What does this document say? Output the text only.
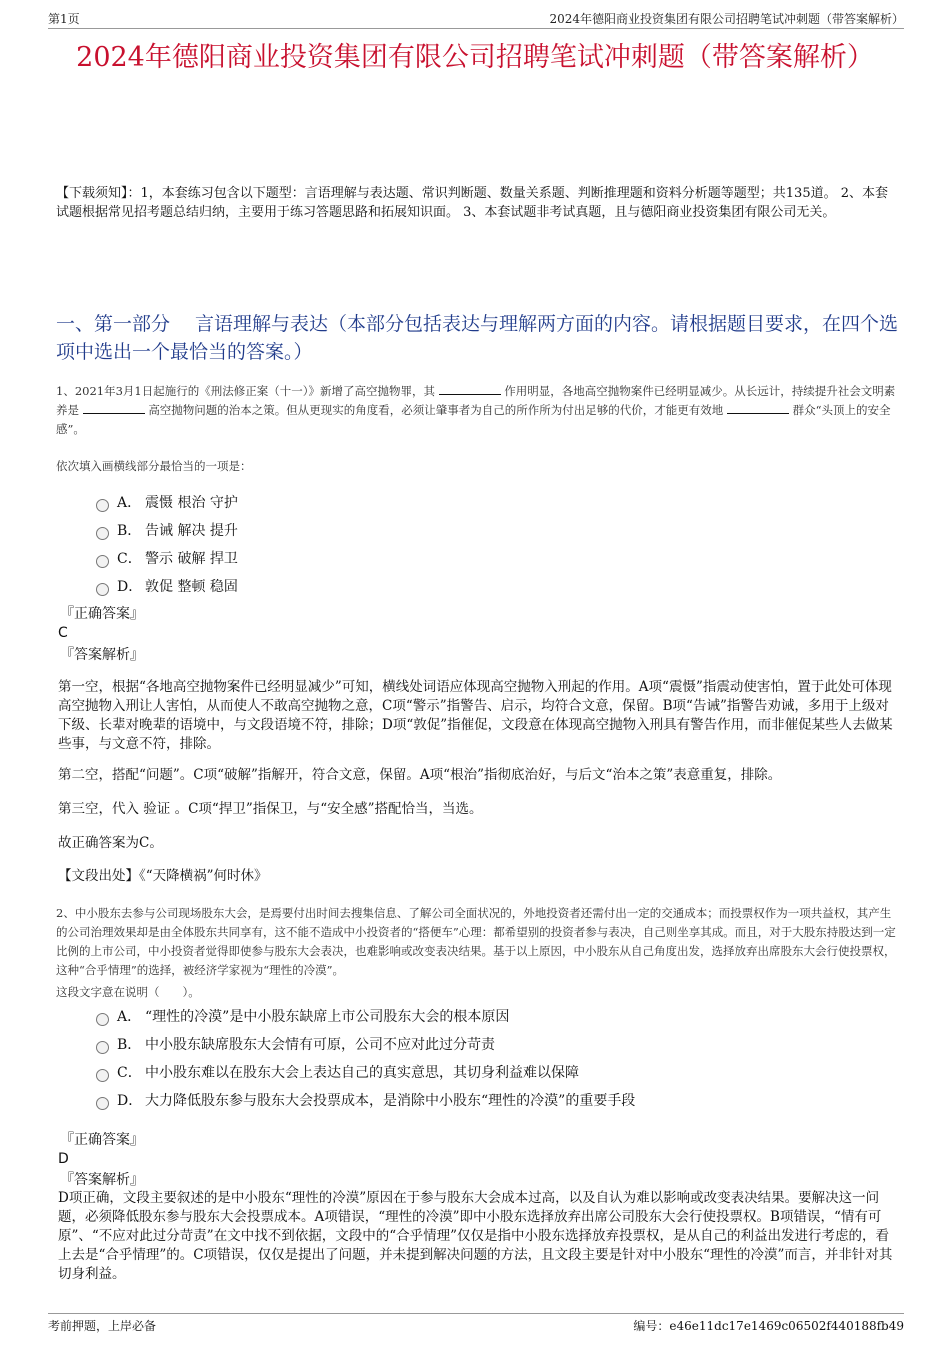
第1页	2024年德阳商业投资集团有限公司招聘笔试冲刺题（带答案解析）
2024年德阳商业投资集团有限公司招聘笔试冲刺题（带答案解析）
【下载须知】：1，本套练习包含以下题型：言语理解与表达题、常识判断题、数量关系题、判断推理题和资料分析题等题型；共135道。 2、本套试题根据常见招考题总结归纳，主要用于练习答题思路和拓展知识面。 3、本套试题非考试真题，且与德阳商业投资集团有限公司无关。
一、第一部分　 言语理解与表达（本部分包括表达与理解两方面的内容。请根据题目要求，在四个选项中选出一个最恰当的答案。）
1、2021年3月1日起施行的《刑法修正案（十一）》新增了高空抛物罪，其	作用明显，各地高空抛物案件已经明显减少。从长远计，持续提升社会文明素养是	高空抛物问题的治本之策。但从更现实的角度看，必须让肇事者为自己的所作所为付出足够的代价，才能更有效地	群众“头顶上的安全感”。
依次填入画横线部分最恰当的一项是：
A． 震慑 根治 守护
B． 告诫 解决 提升
C． 警示 破解 捍卫
D． 敦促 整顿 稳固
『正确答案』
C
『答案解析』
第一空，根据“各地高空抛物案件已经明显减少”可知，横线处词语应体现高空抛物入刑起的作用。A项“震慑”指震动使害怕，置于此处可体现高空抛物入刑让人害怕，从而使人不敢高空抛物之意，C项“警示”指警告、启示，均符合文意，保留。B项“告诫”指警告劝诫，多用于上级对下级、长辈对晚辈的语境中，与文段语境不符，排除；D项“敦促”指催促，文段意在体现高空抛物入刑具有警告作用，而非催促某些人去做某些事，与文意不符，排除。
第二空，搭配“问题”。C项“破解”指解开，符合文意，保留。A项“根治”指彻底治好，与后文“治本之策”表意重复，排除。
第三空，代入 验证 。C项“捍卫”指保卫，与“安全感”搭配恰当，当选。
故正确答案为C。
【文段出处】《“天降横祸”何时休》
2、中小股东去参与公司现场股东大会，是焉要付出时间去搜集信息、了解公司全面状况的，外地投资者还需付出一定的交通成本；而投票权作为一项共益权，其产生的公司治理效果却是由全体股东共同享有，这不能不造成中小投资者的“搭便车”心理：都希望别的投资者参与表决，自己则坐享其成。而且，对于大股东持股达到一定比例的上市公司，中小投资者觉得即使参与股东大会表决，也难影响或改变表决结果。基于以上原因，中小股东从自己角度出发，选择放弃出席股东大会行使投票权，这种“合乎情理”的选择，被经济学家视为“理性的冷漠”。
这段文字意在说明（　　）。
A． “理性的冷漠”是中小股东缺席上市公司股东大会的根本原因
B． 中小股东缺席股东大会情有可原，公司不应对此过分苛责
C． 中小股东难以在股东大会上表达自己的真实意思，其切身利益难以保障
D． 大力降低股东参与股东大会投票成本，是消除中小股东“理性的冷漠”的重要手段
『正确答案』
D
『答案解析』
D项正确，文段主要叙述的是中小股东“理性的冷漠”原因在于参与股东大会成本过高，以及自认为难以影响或改变表决结果。要解决这一问题，必须降低股东参与股东大会投票成本。A项错误，“理性的冷漠”即中小股东选择放弃出席公司股东大会行使投票权。B项错误，“情有可原”、“不应对此过分苛责”在文中找不到依据，文段中的“合乎情理”仅仅是指中小股东选择放弃投票权，是从自己的利益出发进行考虑的，看上去是“合乎情理”的。C项错误，仅仅是提出了问题，并未提到解决问题的方法，且文段主要是针对中小股东“理性的冷漠”而言，并非针对其切身利益。
考前押题，上岸必备	编号：e46e11dc17e1469c06502f440188fb49
